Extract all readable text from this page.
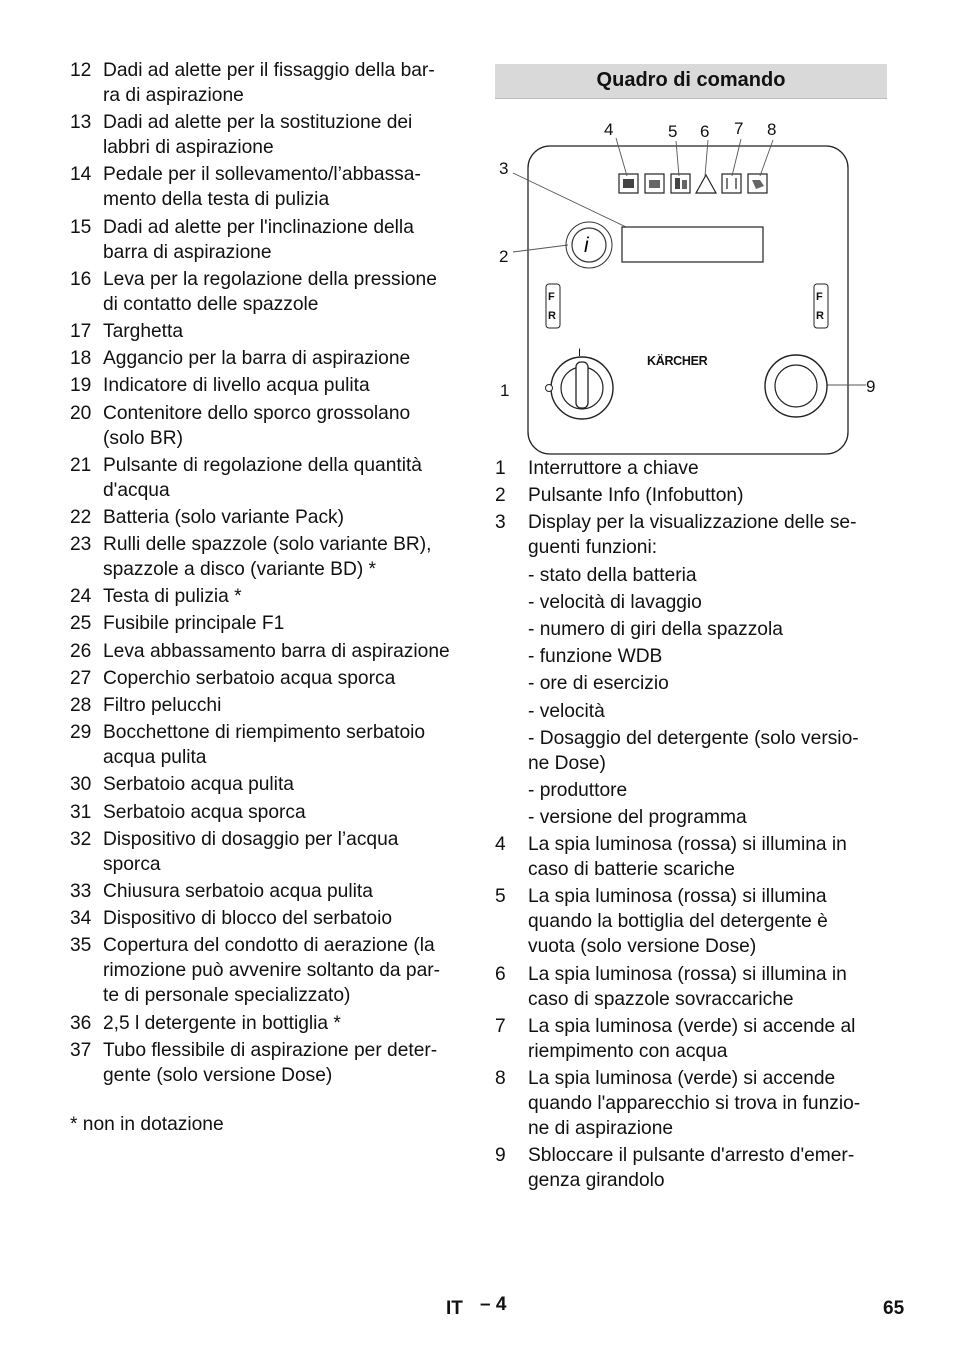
12 Dadi ad alette per il fissaggio della bar-
ra di aspirazione
13 Dadi ad alette per la sostituzione dei
labbri di aspirazione
14 Pedale per il sollevamento/l’abbassa-
mento della testa di pulizia
15 Dadi ad alette per l'inclinazione della
barra di aspirazione
16 Leva per la regolazione della pressione
di contatto delle spazzole
17 Targhetta
18 Aggancio per la barra di aspirazione
19 Indicatore di livello acqua pulita
20 Contenitore dello sporco grossolano
(solo BR)
21 Pulsante di regolazione della quantità
d'acqua
22 Batteria (solo variante Pack)
23 Rulli delle spazzole (solo variante BR),
spazzole a disco (variante BD) *
24 Testa di pulizia *
25 Fusibile principale F1
26 Leva abbassamento barra di aspirazione
27 Coperchio serbatoio acqua sporca
28 Filtro pelucchi
29 Bocchettone di riempimento serbatoio
acqua pulita
30 Serbatoio acqua pulita
31 Serbatoio acqua sporca
32 Dispositivo di dosaggio per l’acqua
sporca
33 Chiusura serbatoio acqua pulita
34 Dispositivo di blocco del serbatoio
35 Copertura del condotto di aerazione (la
rimozione può avvenire soltanto da par-
te di personale specializzato)
36 2,5 l detergente in bottiglia *
37 Tubo flessibile di aspirazione per deter-
gente (solo versione Dose)
* non in dotazione
Quadro di comando
4	5 6 7 8
3
2
1	9
i
F
R
F
R
I
KÄRCHER
1	Interruttore a chiave
2	Pulsante Info (Infobutton)
3	Display per la visualizzazione delle se-
guenti funzioni:
- stato della batteria
- velocità di lavaggio
- numero di giri della spazzola
- funzione WDB
- ore di esercizio
- velocità
- Dosaggio del detergente (solo versio-
ne Dose)
- produttore
- versione del programma
4	La spia luminosa (rossa) si illumina in
caso di batterie scariche
5	La spia luminosa (rossa) si illumina
quando la bottiglia del detergente è
vuota (solo versione Dose)
6	La spia luminosa (rossa) si illumina in
caso di spazzole sovraccariche
7	La spia luminosa (verde) si accende al
riempimento con acqua
8	La spia luminosa (verde) si accende
quando l'apparecchio si trova in funzio-
ne di aspirazione
9	Sbloccare il pulsante d'arresto d'emer-
genza girandolo
IT – 4	65
